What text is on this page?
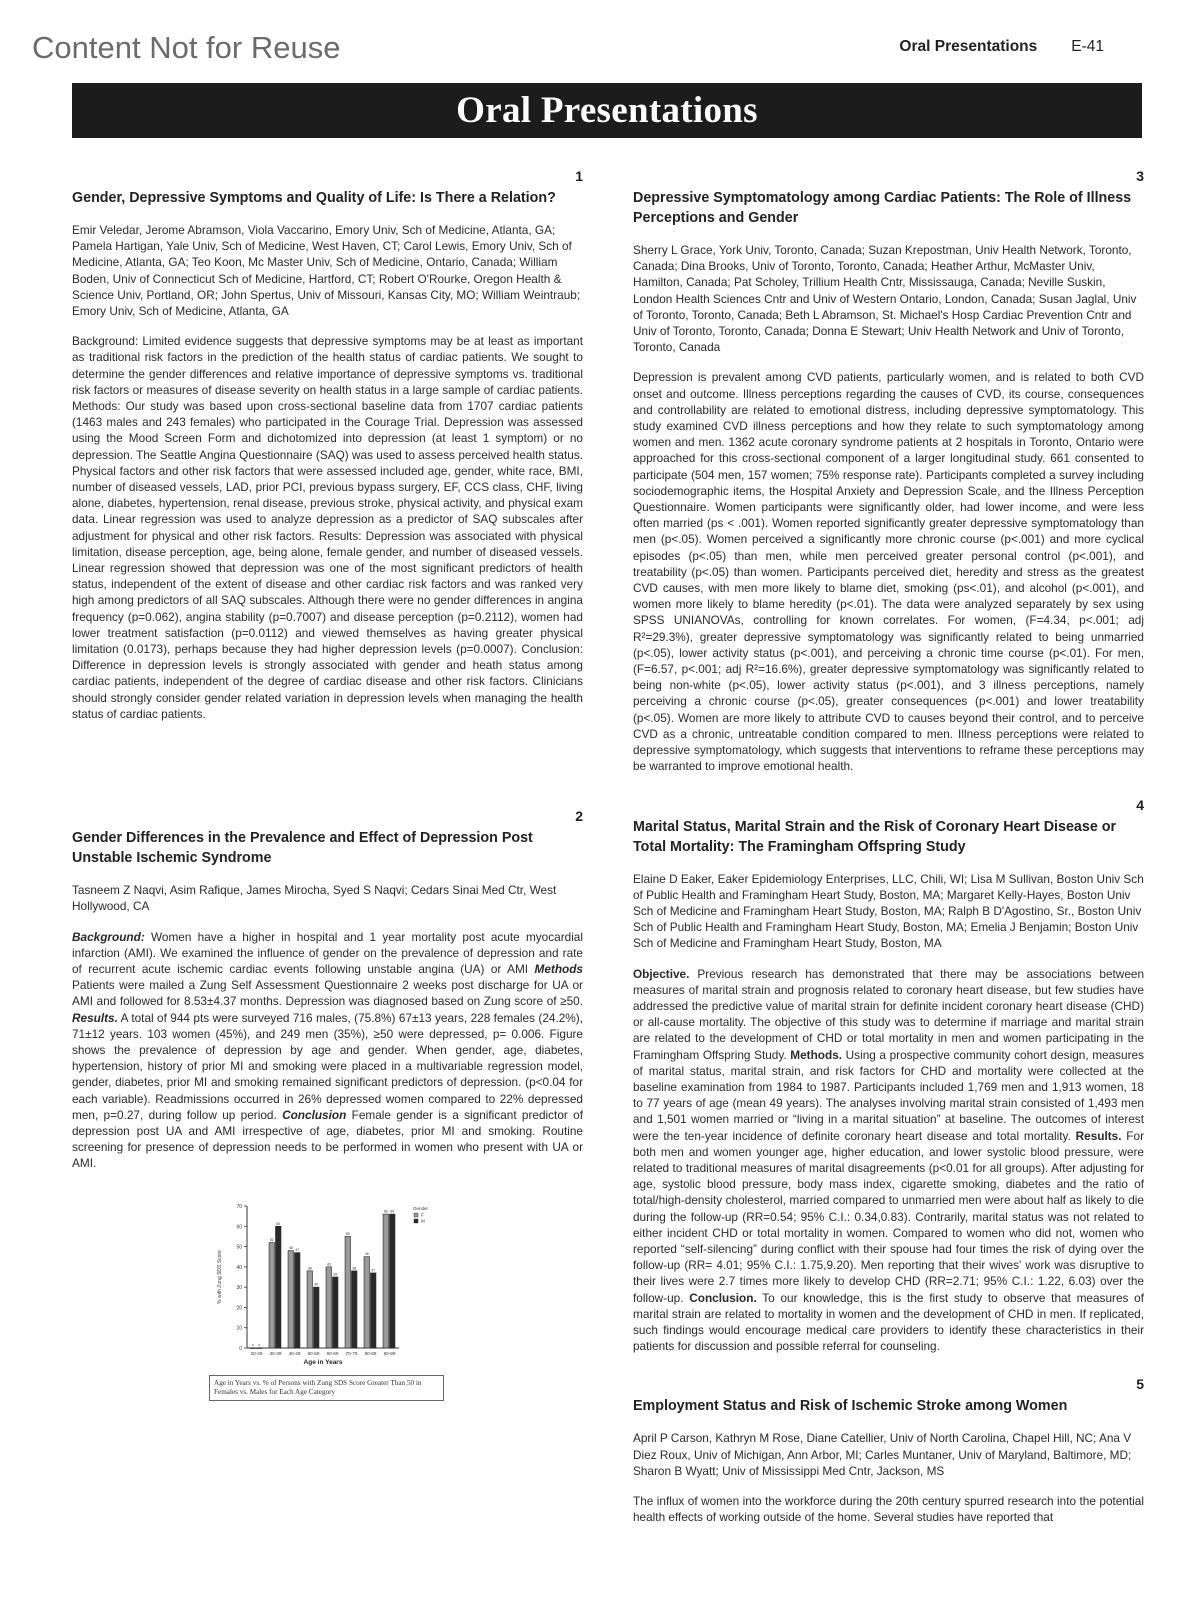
Content Not for Reuse	Oral Presentations E-41
Oral Presentations
1

Gender, Depressive Symptoms and Quality of Life: Is There a Relation?

Emir Veledar, Jerome Abramson, Viola Vaccarino, Emory Univ, Sch of Medicine, Atlanta, GA; Pamela Hartigan, Yale Univ, Sch of Medicine, West Haven, CT; Carol Lewis, Emory Univ, Sch of Medicine, Atlanta, GA; Teo Koon, Mc Master Univ, Sch of Medicine, Ontario, Canada; William Boden, Univ of Connecticut Sch of Medicine, Hartford, CT; Robert O'Rourke, Oregon Health & Science Univ, Portland, OR; John Spertus, Univ of Missouri, Kansas City, MO; William Weintraub; Emory Univ, Sch of Medicine, Atlanta, GA

Background: Limited evidence suggests that depressive symptoms may be at least as important as traditional risk factors in the prediction of the health status of cardiac patients. We sought to determine the gender differences and relative importance of depressive symptoms vs. traditional risk factors or measures of disease severity on health status in a large sample of cardiac patients. Methods: Our study was based upon cross-sectional baseline data from 1707 cardiac patients (1463 males and 243 females) who participated in the Courage Trial. Depression was assessed using the Mood Screen Form and dichotomized into depression (at least 1 symptom) or no depression. The Seattle Angina Questionnaire (SAQ) was used to assess perceived health status. Physical factors and other risk factors that were assessed included age, gender, white race, BMI, number of diseased vessels, LAD, prior PCI, previous bypass surgery, EF, CCS class, CHF, living alone, diabetes, hypertension, renal disease, previous stroke, physical activity, and physical exam data. Linear regression was used to analyze depression as a predictor of SAQ subscales after adjustment for physical and other risk factors. Results: Depression was associated with physical limitation, disease perception, age, being alone, female gender, and number of diseased vessels. Linear regression showed that depression was one of the most significant predictors of health status, independent of the extent of disease and other cardiac risk factors and was ranked very high among predictors of all SAQ subscales. Although there were no gender differences in angina frequency (p=0.062), angina stability (p=0.7007) and disease perception (p=0.2112), women had lower treatment satisfaction (p=0.0112) and viewed themselves as having greater physical limitation (0.0173), perhaps because they had higher depression levels (p=0.0007). Conclusion: Difference in depression levels is strongly associated with gender and heath status among cardiac patients, independent of the degree of cardiac disease and other risk factors. Clinicians should strongly consider gender related variation in depression levels when managing the health status of cardiac patients.

2

Gender Differences in the Prevalence and Effect of Depression Post Unstable Ischemic Syndrome

Tasneem Z Naqvi, Asim Rafique, James Mirocha, Syed S Naqvi; Cedars Sinai Med Ctr, West Hollywood, CA

Background: Women have a higher in hospital and 1 year mortality post acute myocardial infarction (AMI). We examined the influence of gender on the prevalence of depression and rate of recurrent acute ischemic cardiac events following unstable angina (UA) or AMI Methods Patients were mailed a Zung Self Assessment Questionnaire 2 weeks post discharge for UA or AMI and followed for 8.53±4.37 months. Depression was diagnosed based on Zung score of ≥50. Results. A total of 944 pts were surveyed 716 males, (75.8%) 67±13 years, 228 females (24.2%), 71±12 years. 103 women (45%), and 249 men (35%), ≥50 were depressed, p= 0.006. Figure shows the prevalence of depression by age and gender. When gender, age, diabetes, hypertension, history of prior MI and smoking were placed in a multivariable regression model, gender, diabetes, prior MI and smoking remained significant predictors of depression. (p<0.04 for each variable). Readmissions occurred in 26% depressed women compared to 22% depressed men, p=0.27, during follow up period. Conclusion Female gender is a significant predictor of depression post UA and AMI irrespective of age, diabetes, prior MI and smoking. Routine screening for presence of depression needs to be performed in women who present with UA or AMI.

0
10
20
30
40
50
60
70
0 0
20-29
52
60
30-39
48
47
40-49
38
30
50-59
40
35
60-69
55
38
70-79
45
37
80-89
66 66
90-99
Age in Years
% with Zung SDS Score
Gender
F
M
Age in Years vs. % of Persons with Zung SDS Score Greater Than 50 in Females vs. Males for Each Age Category
3

Depressive Symptomatology among Cardiac Patients: The Role of Illness Perceptions and Gender

Sherry L Grace, York Univ, Toronto, Canada; Suzan Krepostman, Univ Health Network, Toronto, Canada; Dina Brooks, Univ of Toronto, Toronto, Canada; Heather Arthur, McMaster Univ, Hamilton, Canada; Pat Scholey, Trillium Health Cntr, Mississauga, Canada; Neville Suskin, London Health Sciences Cntr and Univ of Western Ontario, London, Canada; Susan Jaglal, Univ of Toronto, Toronto, Canada; Beth L Abramson, St. Michael's Hosp Cardiac Prevention Cntr and Univ of Toronto, Toronto, Canada; Donna E Stewart; Univ Health Network and Univ of Toronto, Toronto, Canada

Depression is prevalent among CVD patients, particularly women, and is related to both CVD onset and outcome. Illness perceptions regarding the causes of CVD, its course, consequences and controllability are related to emotional distress, including depressive symptomatology. This study examined CVD illness perceptions and how they relate to such symptomatology among women and men. 1362 acute coronary syndrome patients at 2 hospitals in Toronto, Ontario were approached for this cross-sectional component of a larger longitudinal study. 661 consented to participate (504 men, 157 women; 75% response rate). Participants completed a survey including sociodemographic items, the Hospital Anxiety and Depression Scale, and the Illness Perception Questionnaire. Women participants were significantly older, had lower income, and were less often married (ps < .001). Women reported significantly greater depressive symptomatology than men (p<.05). Women perceived a significantly more chronic course (p<.001) and more cyclical episodes (p<.05) than men, while men perceived greater personal control (p<.001), and treatability (p<.05) than women. Participants perceived diet, heredity and stress as the greatest CVD causes, with men more likely to blame diet, smoking (ps<.01), and alcohol (p<.001), and women more likely to blame heredity (p<.01). The data were analyzed separately by sex using SPSS UNIANOVAs, controlling for known correlates. For women, (F=4.34, p<.001; adj R²=29.3%), greater depressive symptomatology was significantly related to being unmarried (p<.05), lower activity status (p<.001), and perceiving a chronic time course (p<.01). For men, (F=6.57, p<.001; adj R²=16.6%), greater depressive symptomatology was significantly related to being non-white (p<.05), lower activity status (p<.001), and 3 illness perceptions, namely perceiving a chronic course (p<.05), greater consequences (p<.001) and lower treatability (p<.05). Women are more likely to attribute CVD to causes beyond their control, and to perceive CVD as a chronic, untreatable condition compared to men. Illness perceptions were related to depressive symptomatology, which suggests that interventions to reframe these perceptions may be warranted to improve emotional health.

4

Marital Status, Marital Strain and the Risk of Coronary Heart Disease or Total Mortality: The Framingham Offspring Study

Elaine D Eaker, Eaker Epidemiology Enterprises, LLC, Chili, WI; Lisa M Sullivan, Boston Univ Sch of Public Health and Framingham Heart Study, Boston, MA; Margaret Kelly-Hayes, Boston Univ Sch of Medicine and Framingham Heart Study, Boston, MA; Ralph B D'Agostino, Sr., Boston Univ Sch of Public Health and Framingham Heart Study, Boston, MA; Emelia J Benjamin; Boston Univ Sch of Medicine and Framingham Heart Study, Boston, MA

Objective. Previous research has demonstrated that there may be associations between measures of marital strain and prognosis related to coronary heart disease, but few studies have addressed the predictive value of marital strain for definite incident coronary heart disease (CHD) or all-cause mortality. The objective of this study was to determine if marriage and marital strain are related to the development of CHD or total mortality in men and women participating in the Framingham Offspring Study. Methods. Using a prospective community cohort design, measures of marital status, marital strain, and risk factors for CHD and mortality were collected at the baseline examination from 1984 to 1987. Participants included 1,769 men and 1,913 women, 18 to 77 years of age (mean 49 years). The analyses involving marital strain consisted of 1,493 men and 1,501 women married or “living in a marital situation” at baseline. The outcomes of interest were the ten-year incidence of definite coronary heart disease and total mortality. Results. For both men and women younger age, higher education, and lower systolic blood pressure, were related to traditional measures of marital disagreements (p<0.01 for all groups). After adjusting for age, systolic blood pressure, body mass index, cigarette smoking, diabetes and the ratio of total/high-density cholesterol, married compared to unmarried men were about half as likely to die during the follow-up (RR=0.54; 95% C.I.: 0.34,0.83). Contrarily, marital status was not related to either incident CHD or total mortality in women. Compared to women who did not, women who reported “self-silencing” during conflict with their spouse had four times the risk of dying over the follow-up (RR= 4.01; 95% C.I.: 1.75,9.20). Men reporting that their wives' work was disruptive to their lives were 2.7 times more likely to develop CHD (RR=2.71; 95% C.I.: 1.22, 6.03) over the follow-up. Conclusion. To our knowledge, this is the first study to observe that measures of marital strain are related to mortality in women and the development of CHD in men. If replicated, such findings would encourage medical care providers to identify these characteristics in their patients for discussion and possible referral for counseling.

5

Employment Status and Risk of Ischemic Stroke among Women

April P Carson, Kathryn M Rose, Diane Catellier, Univ of North Carolina, Chapel Hill, NC; Ana V Diez Roux, Univ of Michigan, Ann Arbor, MI; Carles Muntaner, Univ of Maryland, Baltimore, MD; Sharon B Wyatt; Univ of Mississippi Med Cntr, Jackson, MS

The influx of women into the workforce during the 20th century spurred research into the potential health effects of working outside of the home. Several studies have reported that
